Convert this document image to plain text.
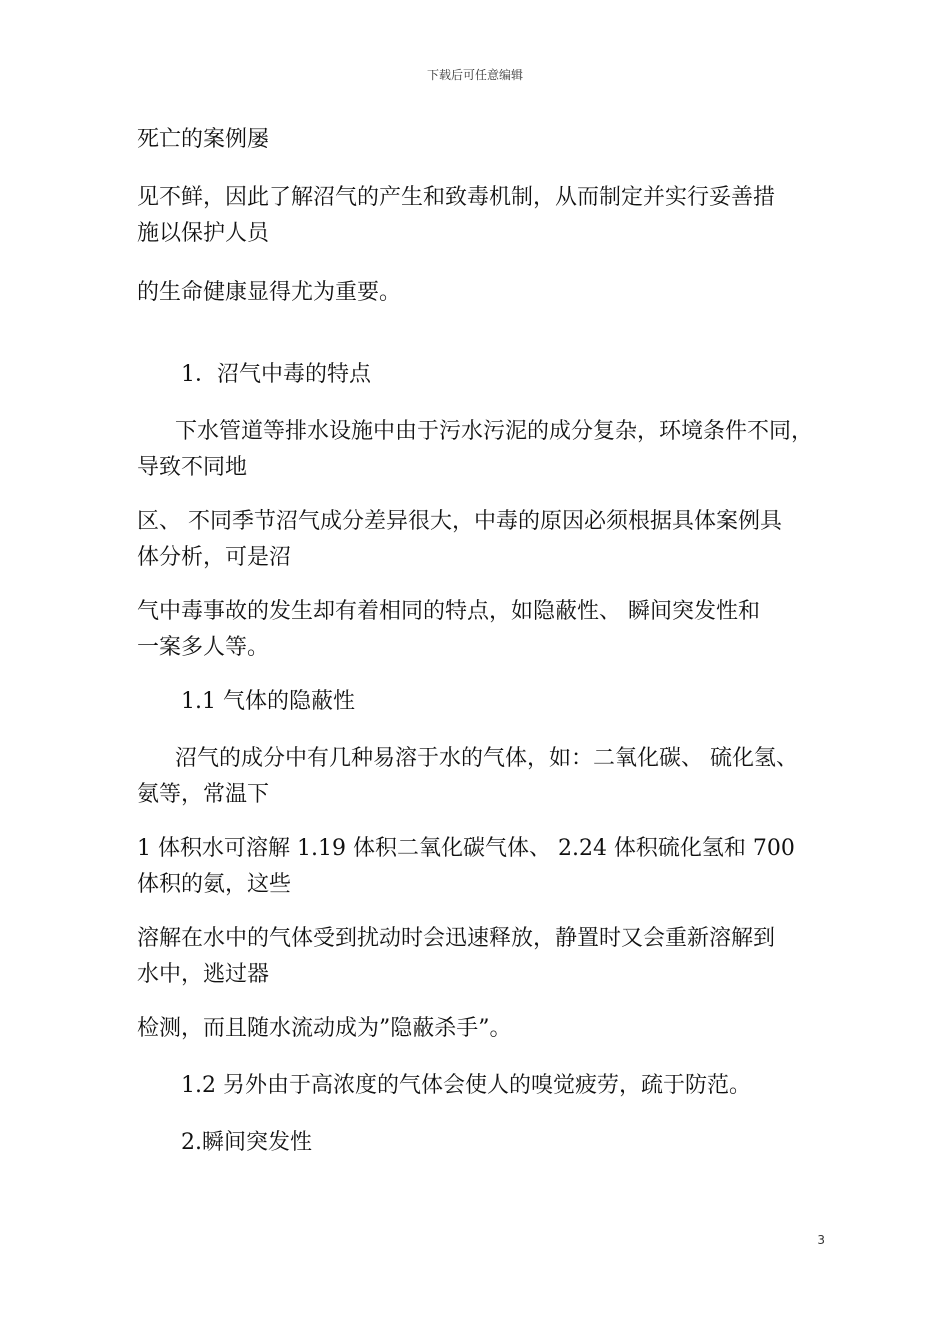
下载后可任意编辑
死亡的案例屡
见不鲜，因此了解沼气的产生和致毒机制，从而制定并实行妥善措
施以保护人员
的生命健康显得尤为重要。
1．沼气中毒的特点
下水管道等排水设施中由于污水污泥的成分复杂，环境条件不同，
导致不同地
区、 不同季节沼气成分差异很大，中毒的原因必须根据具体案例具
体分析，可是沼
气中毒事故的发生却有着相同的特点，如隐蔽性、 瞬间突发性和
一案多人等。
1.1 气体的隐蔽性
沼气的成分中有几种易溶于水的气体，如：二氧化碳、 硫化氢、
氨等，常温下
1 体积水可溶解 1.19 体积二氧化碳气体、 2.24 体积硫化氢和 700
体积的氨，这些
溶解在水中的气体受到扰动时会迅速释放，静置时又会重新溶解到
水中，逃过器
检测，而且随水流动成为”隐蔽杀手”。
1.2 另外由于高浓度的气体会使人的嗅觉疲劳，疏于防范。
2.瞬间突发性
3
